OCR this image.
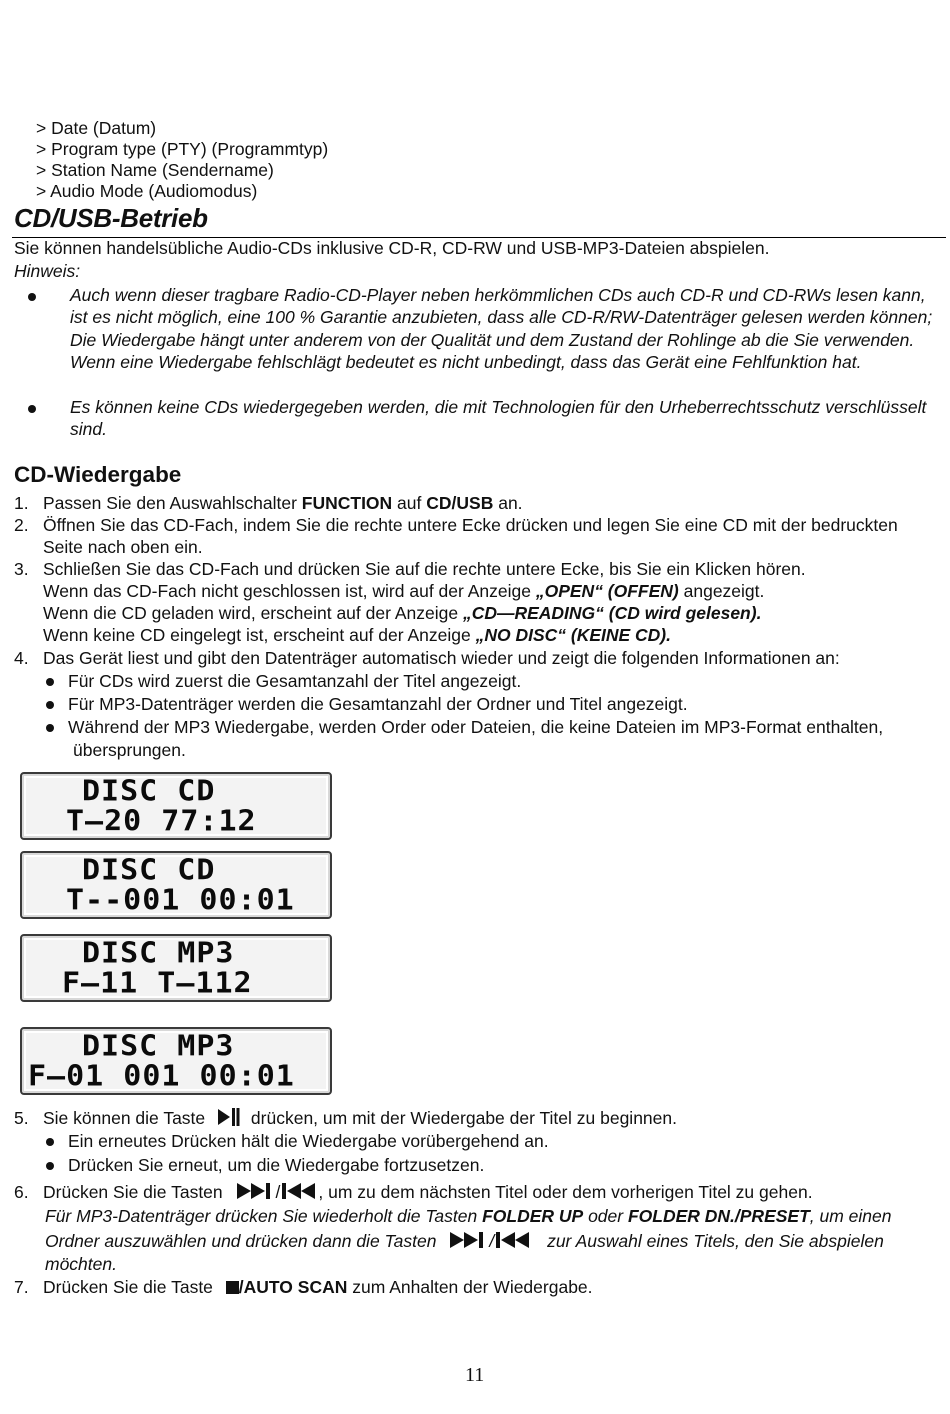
> Date (Datum)
> Program type (PTY) (Programmtyp)
> Station Name (Sendername)
> Audio Mode (Audiomodus)
CD/USB-Betrieb
Sie können handelsübliche Audio-CDs inklusive CD-R, CD-RW und USB-MP3-Dateien abspielen.
Hinweis:
Auch wenn dieser tragbare Radio-CD-Player neben herkömmlichen CDs auch CD-R und CD-RWs lesen kann, ist es nicht möglich, eine 100 % Garantie anzubieten, dass alle CD-R/RW-Datenträger gelesen werden können; Die Wiedergabe hängt unter anderem von der Qualität und dem Zustand der Rohlinge ab die Sie verwenden. Wenn eine Wiedergabe fehlschlägt bedeutet es nicht unbedingt, dass das Gerät eine Fehlfunktion hat.
Es können keine CDs wiedergegeben werden, die mit Technologien für den Urheberrechtsschutz verschlüsselt sind.
CD-Wiedergabe
1. Passen Sie den Auswahlschalter FUNCTION auf CD/USB an.
2. Öffnen Sie das CD-Fach, indem Sie die rechte untere Ecke drücken und legen Sie eine CD mit der bedruckten
Seite nach oben ein.
3. Schließen Sie das CD-Fach und drücken Sie auf die rechte untere Ecke, bis Sie ein Klicken hören.
Wenn das CD-Fach nicht geschlossen ist, wird auf der Anzeige „OPEN“ (OFFEN) angezeigt.
Wenn die CD geladen wird, erscheint auf der Anzeige „CD—READING“ (CD wird gelesen).
Wenn keine CD eingelegt ist, erscheint auf der Anzeige „NO DISC“ (KEINE CD).
4. Das Gerät liest und gibt den Datenträger automatisch wieder und zeigt die folgenden Informationen an:
Für CDs wird zuerst die Gesamtanzahl der Titel angezeigt.
Für MP3-Datenträger werden die Gesamtanzahl der Ordner und Titel angezeigt.
Während der MP3 Wiedergabe, werden Order oder Dateien, die keine Dateien im MP3-Format enthalten,
übersprungen.
DISC CD
T—20 77:12
DISC CD
T--001 00:01
DISC MP3
F—11 T—112
DISC MP3
F—01 001 00:01
5. Sie können die Taste	drücken, um mit der Wiedergabe der Titel zu beginnen.
Ein erneutes Drücken hält die Wiedergabe vorübergehend an.
Drücken Sie erneut, um die Wiedergabe fortzusetzen.
6. Drücken Sie die Tasten	/ , um zu dem nächsten Titel oder dem vorherigen Titel zu gehen.
Für MP3-Datenträger drücken Sie wiederholt die Tasten FOLDER UP oder FOLDER DN./PRESET, um einen
Ordner auszuwählen und drücken dann die Tasten	/	zur Auswahl eines Titels, den Sie abspielen
möchten.
7. Drücken Sie die Taste /AUTO SCAN zum Anhalten der Wiedergabe.
11
